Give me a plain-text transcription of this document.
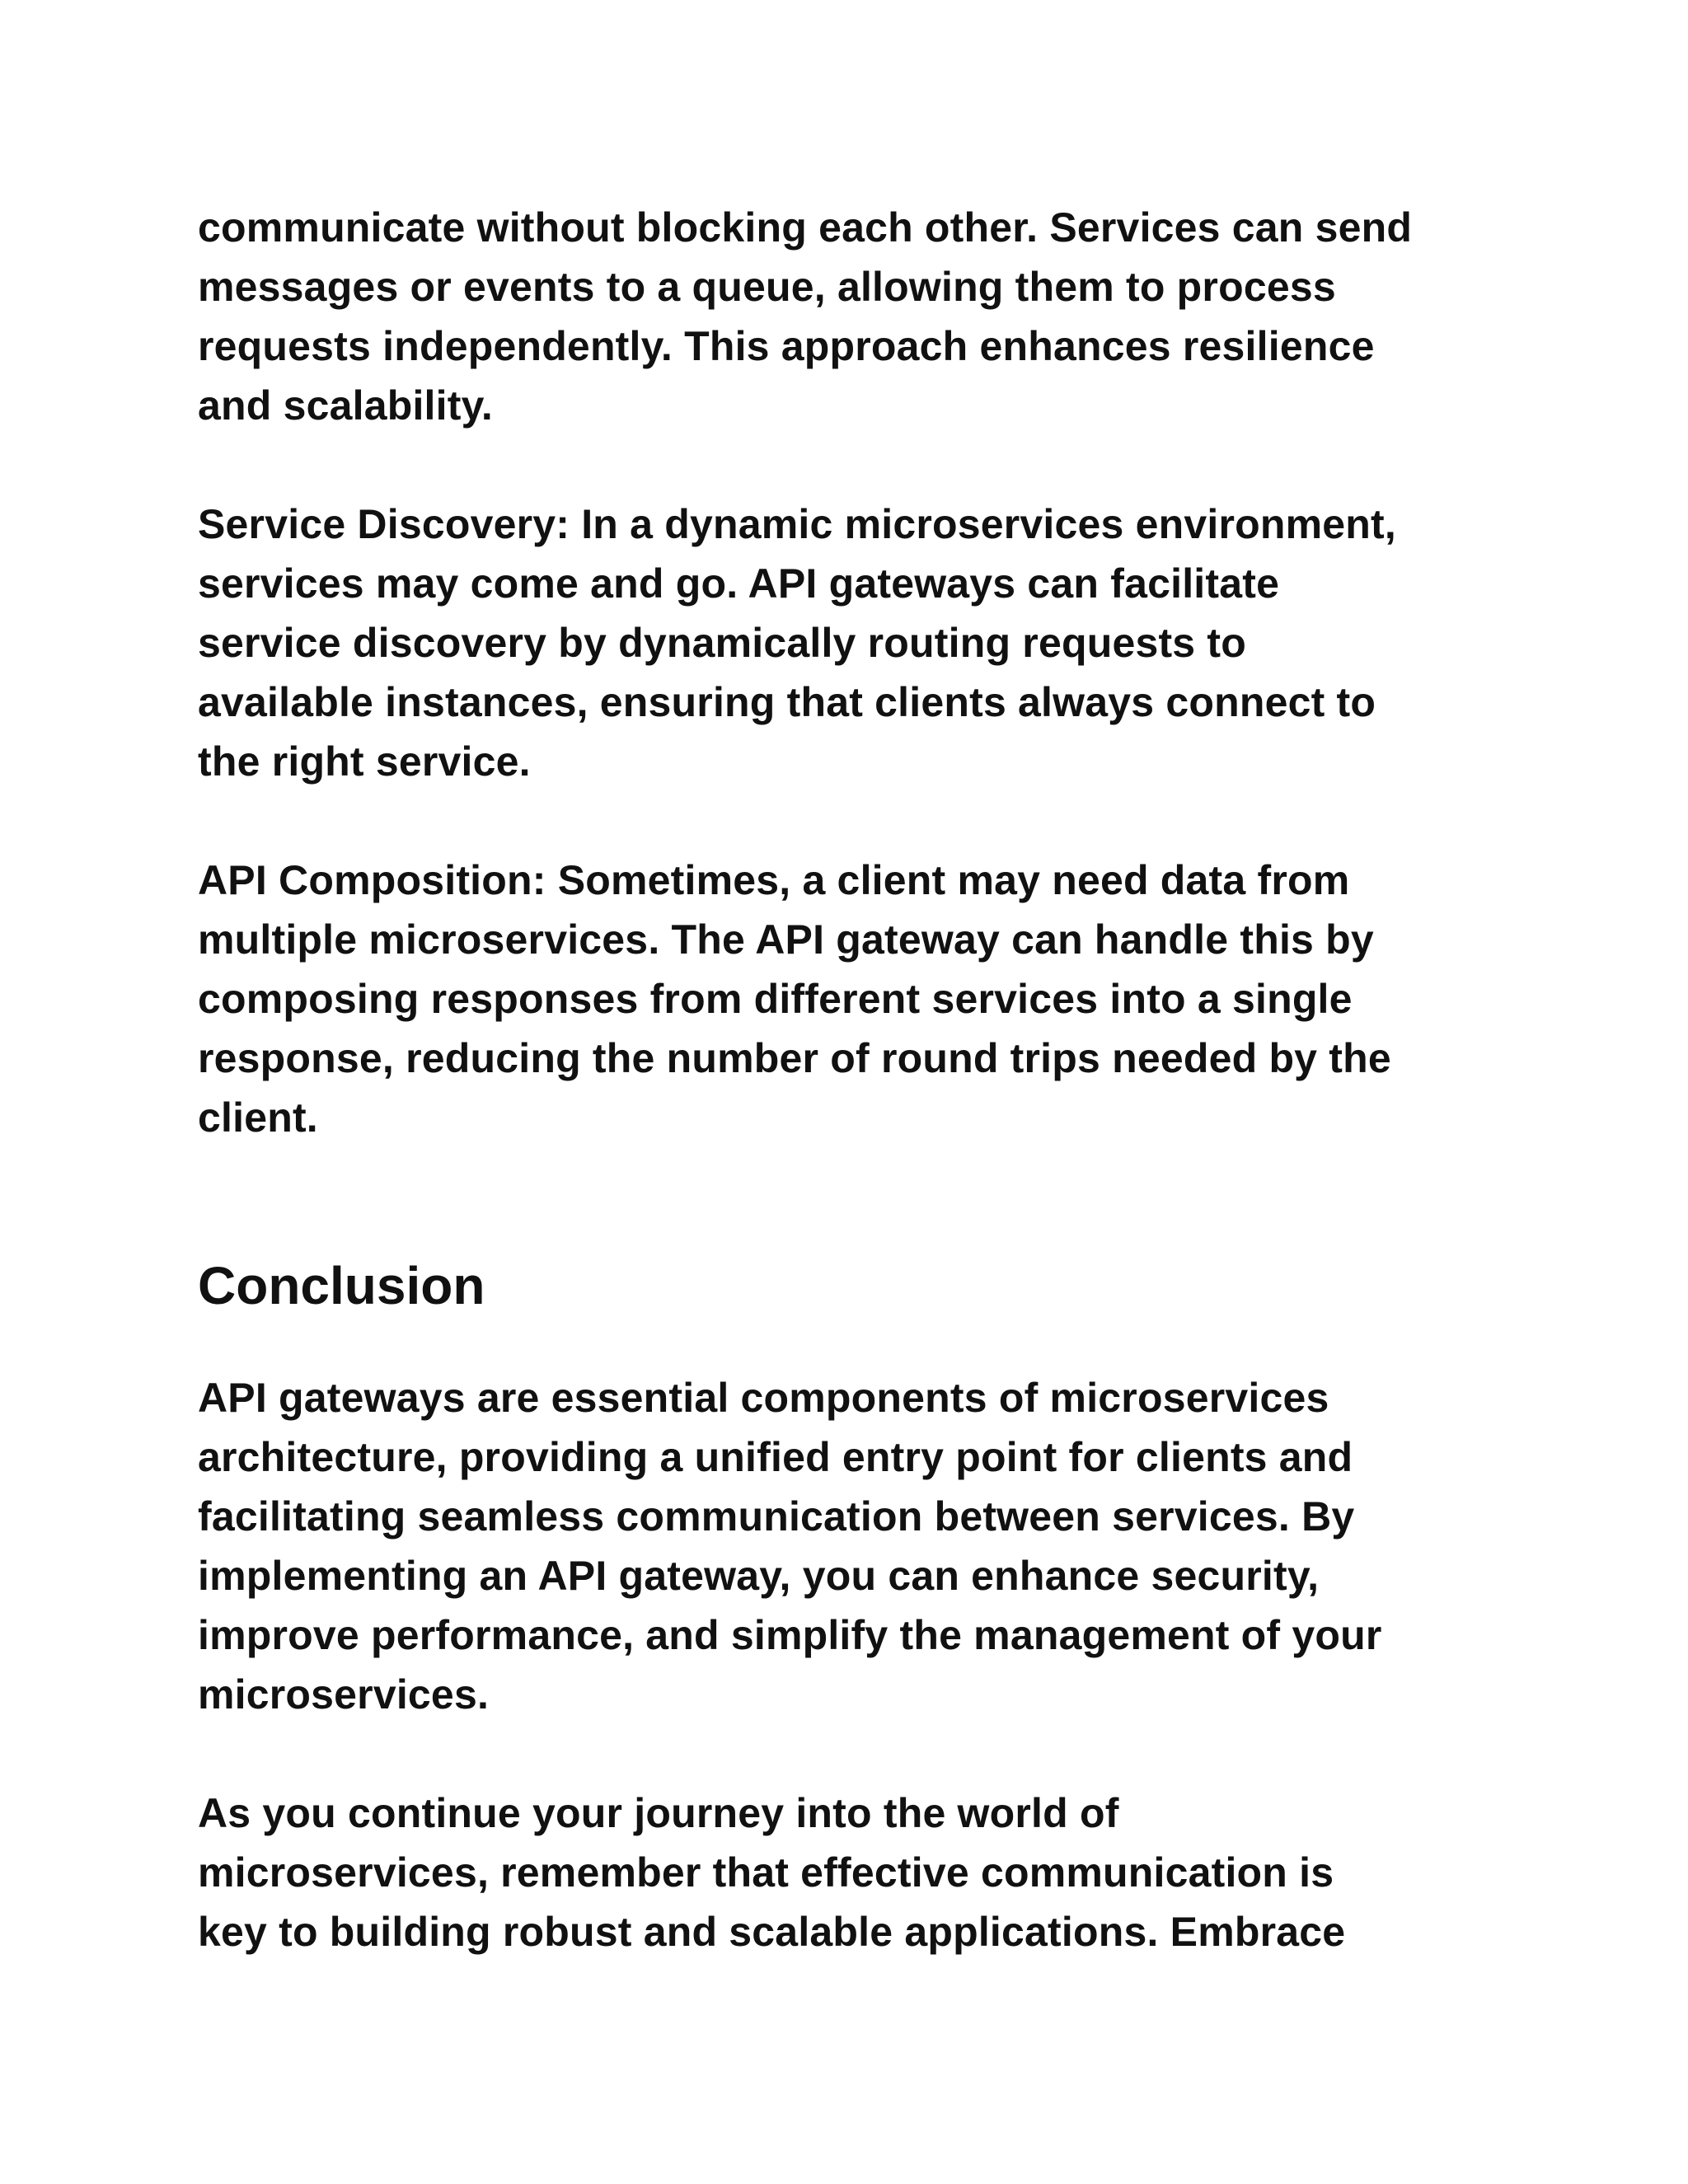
communicate without blocking each other. Services can send
messages or events to a queue, allowing them to process
requests independently. This approach enhances resilience
and scalability.
Service Discovery: In a dynamic microservices environment,
services may come and go. API gateways can facilitate
service discovery by dynamically routing requests to
available instances, ensuring that clients always connect to
the right service.
API Composition: Sometimes, a client may need data from
multiple microservices. The API gateway can handle this by
composing responses from different services into a single
response, reducing the number of round trips needed by the
client.
Conclusion
API gateways are essential components of microservices
architecture, providing a unified entry point for clients and
facilitating seamless communication between services. By
implementing an API gateway, you can enhance security,
improve performance, and simplify the management of your
microservices.
As you continue your journey into the world of
microservices, remember that effective communication is
key to building robust and scalable applications. Embrace
